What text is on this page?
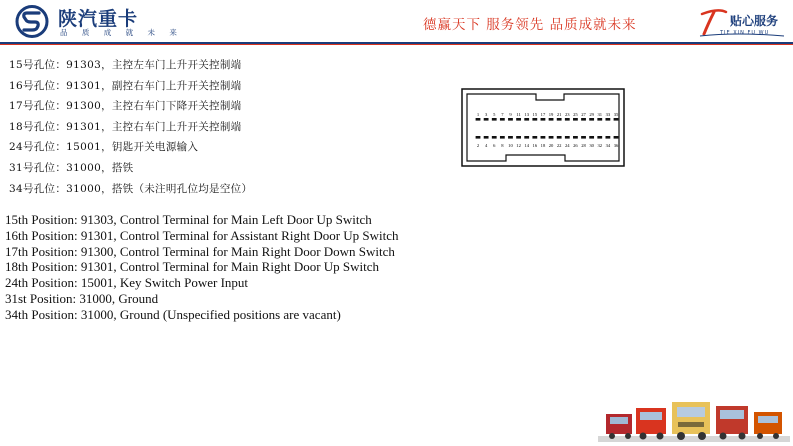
陕汽重卡
品 质 成 就 未 来	德赢天下 服务领先 品质成就未来	贴心服务
TIE XIN FU WU
15号孔位：91303，主控左车门上升开关控制端
16号孔位：91301，副控右车门上升开关控制端
17号孔位：91300，主控右车门下降开关控制端
18号孔位：91301，主控右车门上升开关控制端
24号孔位：15001，钥匙开关电源输入
31号孔位：31000，搭铁
34号孔位：31000，搭铁（未注明孔位均是空位）
1 3 5 7 9 11 13 15 17 19 21 23 25 27 29 31 33 35
2 4 6 8 10 12 14 16 18 20 22 24 26 28 30 32 34 36
15th Position: 91303, Control Terminal for Main Left Door Up Switch
16th Position: 91301, Control Terminal for Assistant Right Door Up Switch
17th Position: 91300, Control Terminal for Main Right Door Down Switch
18th Position: 91301, Control Terminal for Main Right Door Up Switch
24th Position: 15001, Key Switch Power Input
31st Position: 31000, Ground
34th Position: 31000, Ground (Unspecified positions are vacant)
